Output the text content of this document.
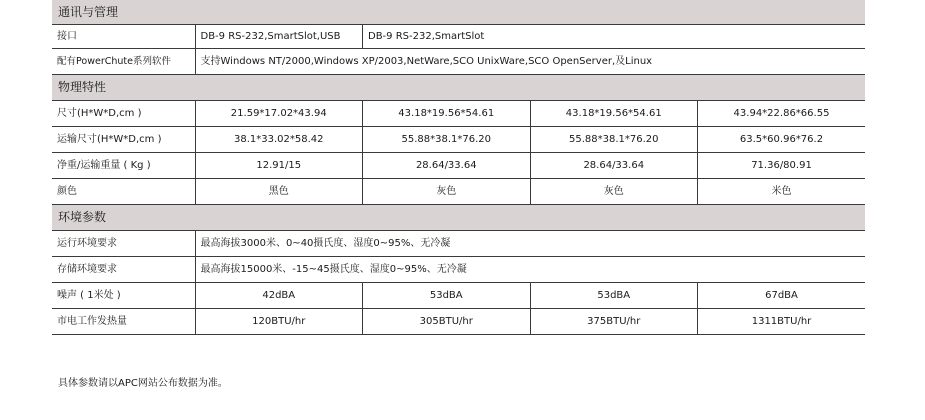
通讯与管理				
接口	DB-9 RS-232,SmartSlot,USB	DB-9 RS-232,SmartSlot		
配有PowerChute系列软件	支持Windows NT/2000,Windows XP/2003,NetWare,SCO UnixWare,SCO OpenServer,及Linux			
物理特性				
尺寸(H*W*D,cm )	21.59*17.02*43.94	43.18*19.56*54.61	43.18*19.56*54.61	43.94*22.86*66.55
运输尺寸(H*W*D,cm )	38.1*33.02*58.42	55.88*38.1*76.20	55.88*38.1*76.20	63.5*60.96*76.2
净重/运输重量 ( Kg )	12.91/15	28.64/33.64	28.64/33.64	71.36/80.91
颜色	黑色	灰色	灰色	米色
环境参数				
运行环境要求	最高海拔3000米、0~40摄氏度、湿度0~95%、无冷凝			
存储环境要求	最高海拔15000米、-15~45摄氏度、湿度0~95%、无冷凝			
噪声 ( 1米处 )	42dBA	53dBA	53dBA	67dBA
市电工作发热量	120BTU/hr	305BTU/hr	375BTU/hr	1311BTU/hr
具体参数请以APC网站公布数据为准。
